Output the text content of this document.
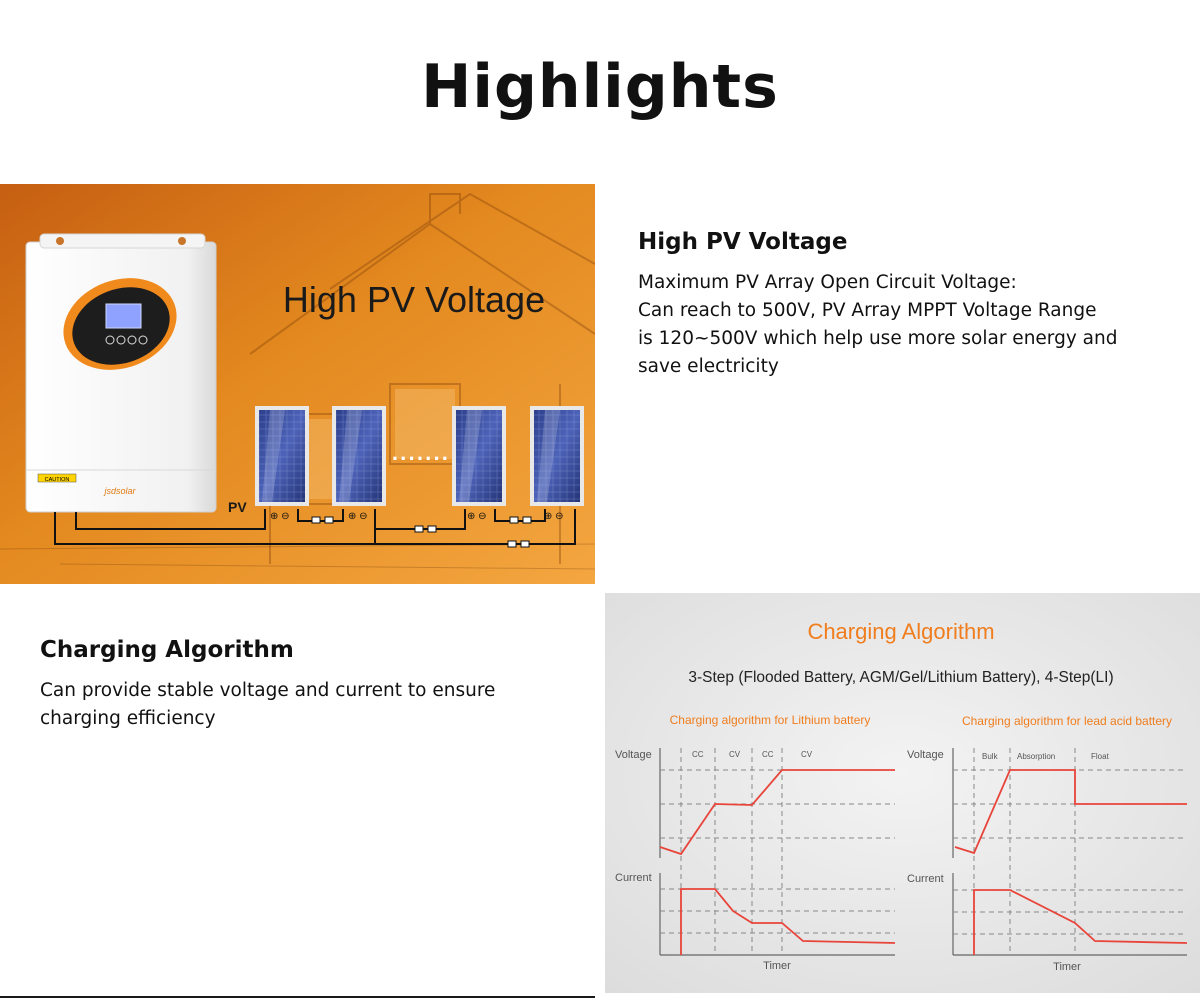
Highlights
CAUTION
jsdsolar
High PV Voltage
·······
⊕ ⊖	⊕ ⊖	⊕ ⊖	⊕ ⊖
PV
High PV Voltage

Maximum PV Array Open Circuit Voltage:
Can reach to 500V, PV Array MPPT Voltage Range
is 120~500V which help use more solar energy and
save electricity

Charging Algorithm

Can provide stable voltage and current to ensure
charging efficiency

Charging Algorithm
3-Step (Flooded Battery, AGM/Gel/Lithium Battery), 4-Step(LI)
Charging algorithm for Lithium battery
Voltage
Current
Timer
CC	CV	CC	CV
Charging algorithm for lead acid battery
Voltage
Current
Timer
Bulk Absorption	Float
